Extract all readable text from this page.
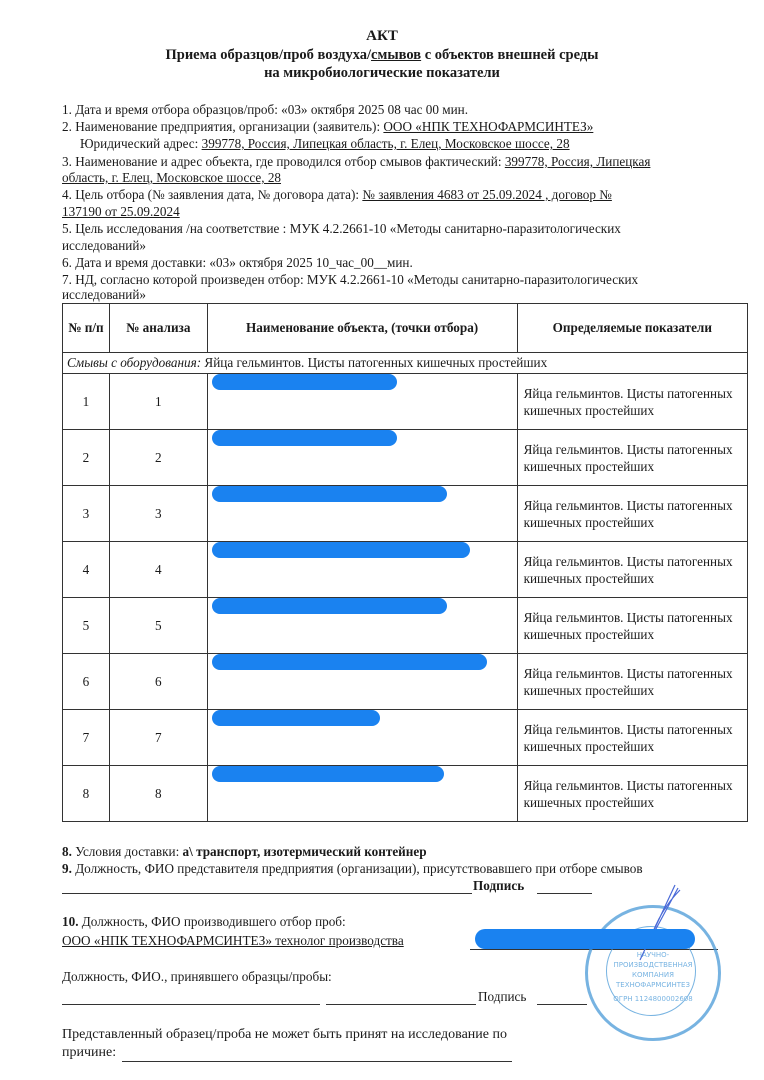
АКТ
Приема образцов/проб воздуха/смывов с объектов внешней среды
на микробиологические показатели
1. Дата и время отбора образцов/проб: «03» октября 2025 08 час 00 мин.
2. Наименование предприятия, организации (заявитель): ООО «НПК ТЕХНОФАРМСИНТЕЗ»
Юридический адрес: 399778, Россия, Липецкая область, г. Елец, Московское шоссе, 28
3. Наименование и адрес объекта, где проводился отбор смывов фактический: 399778, Россия, Липецкая
область, г. Елец, Московское шоссе, 28
4. Цель отбора (№ заявления дата, № договора дата): № заявления 4683 от 25.09.2024 , договор №
137190 от 25.09.2024
5. Цель исследования /на соответствие : МУК 4.2.2661-10 «Методы санитарно-паразитологических
исследований»
6. Дата и время доставки: «03» октября 2025 10_час_00__мин.
7. НД, согласно которой произведен отбор: МУК 4.2.2661-10 «Методы санитарно-паразитологических
исследований»
№ п/п	№ анализа	Наименование объекта, (точки отбора)	Определяемые показатели
Смывы с оборудования: Яйца гельминтов. Цисты патогенных кишечных простейших			
1	1		Яйца гельминтов. Цисты патогенных кишечных простейших
2	2		Яйца гельминтов. Цисты патогенных кишечных простейших
3	3		Яйца гельминтов. Цисты патогенных кишечных простейших
4	4		Яйца гельминтов. Цисты патогенных кишечных простейших
5	5		Яйца гельминтов. Цисты патогенных кишечных простейших
6	6		Яйца гельминтов. Цисты патогенных кишечных простейших
7	7		Яйца гельминтов. Цисты патогенных кишечных простейших
8	8		Яйца гельминтов. Цисты патогенных кишечных простейших
8. Условия доставки: а\ транспорт, изотермический контейнер
9. Должность, ФИО представителя предприятия (организации), присутствовавшего при отборе смывов
Подпись
10. Должность, ФИО производившего отбор проб:
ООО «НПК ТЕХНОФАРМСИНТЕЗ» технолог производства
Должность, ФИО., принявшего образцы/пробы:
Подпись
Представленный образец/проба не может быть принят на исследование по
причине:
НАУЧНО-
ПРОИЗВОДСТВЕННАЯ
КОМПАНИЯ
ТЕХНОФАРМСИНТЕЗ
ОГРН 1124800002608
